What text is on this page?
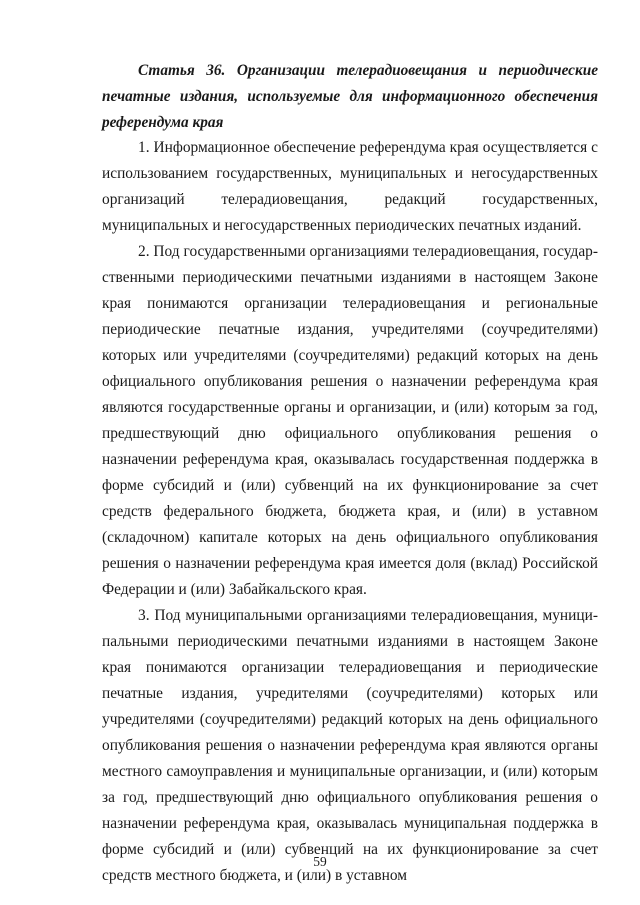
Статья 36. Организации телерадиовещания и периодические печатные издания, используемые для информационного обеспечения референдума края

1. Информационное обеспечение референдума края осуществляется с использованием государственных, муниципальных и негосударственных организаций телерадиовещания, редакций государственных, муниципальных и негосударственных периодических печатных изданий.

2. Под государственными организациями телерадиовещания, государственными периодическими печатными изданиями в настоящем Законе края понимаются организации телерадиовещания и региональные периодические печатные издания, учредителями (соучредителями) которых или учредителями (соучредителями) редакций которых на день официального опубликования решения о назначении референдума края являются государственные органы и организации, и (или) которым за год, предшествующий дню официального опубликования решения о назначении референдума края, оказывалась государственная поддержка в форме субсидий и (или) субвенций на их функционирование за счет средств федерального бюджета, бюджета края, и (или) в уставном (складочном) капитале которых на день официального опубликования решения о назначении референдума края имеется доля (вклад) Российской Федерации и (или) Забайкальского края.

3. Под муниципальными организациями телерадиовещания, муниципальными периодическими печатными изданиями в настоящем Законе края понимаются организации телерадиовещания и периодические печатные издания, учредителями (соучредителями) которых или учредителями (соучредителями) редакций которых на день официального опубликования решения о назначении референдума края являются органы местного самоуправления и муниципальные организации, и (или) которым за год, предшествующий дню официального опубликования решения о назначении референдума края, оказывалась муниципальная поддержка в форме субсидий и (или) субвенций на их функционирование за счет средств местного бюджета, и (или) в уставном

59
